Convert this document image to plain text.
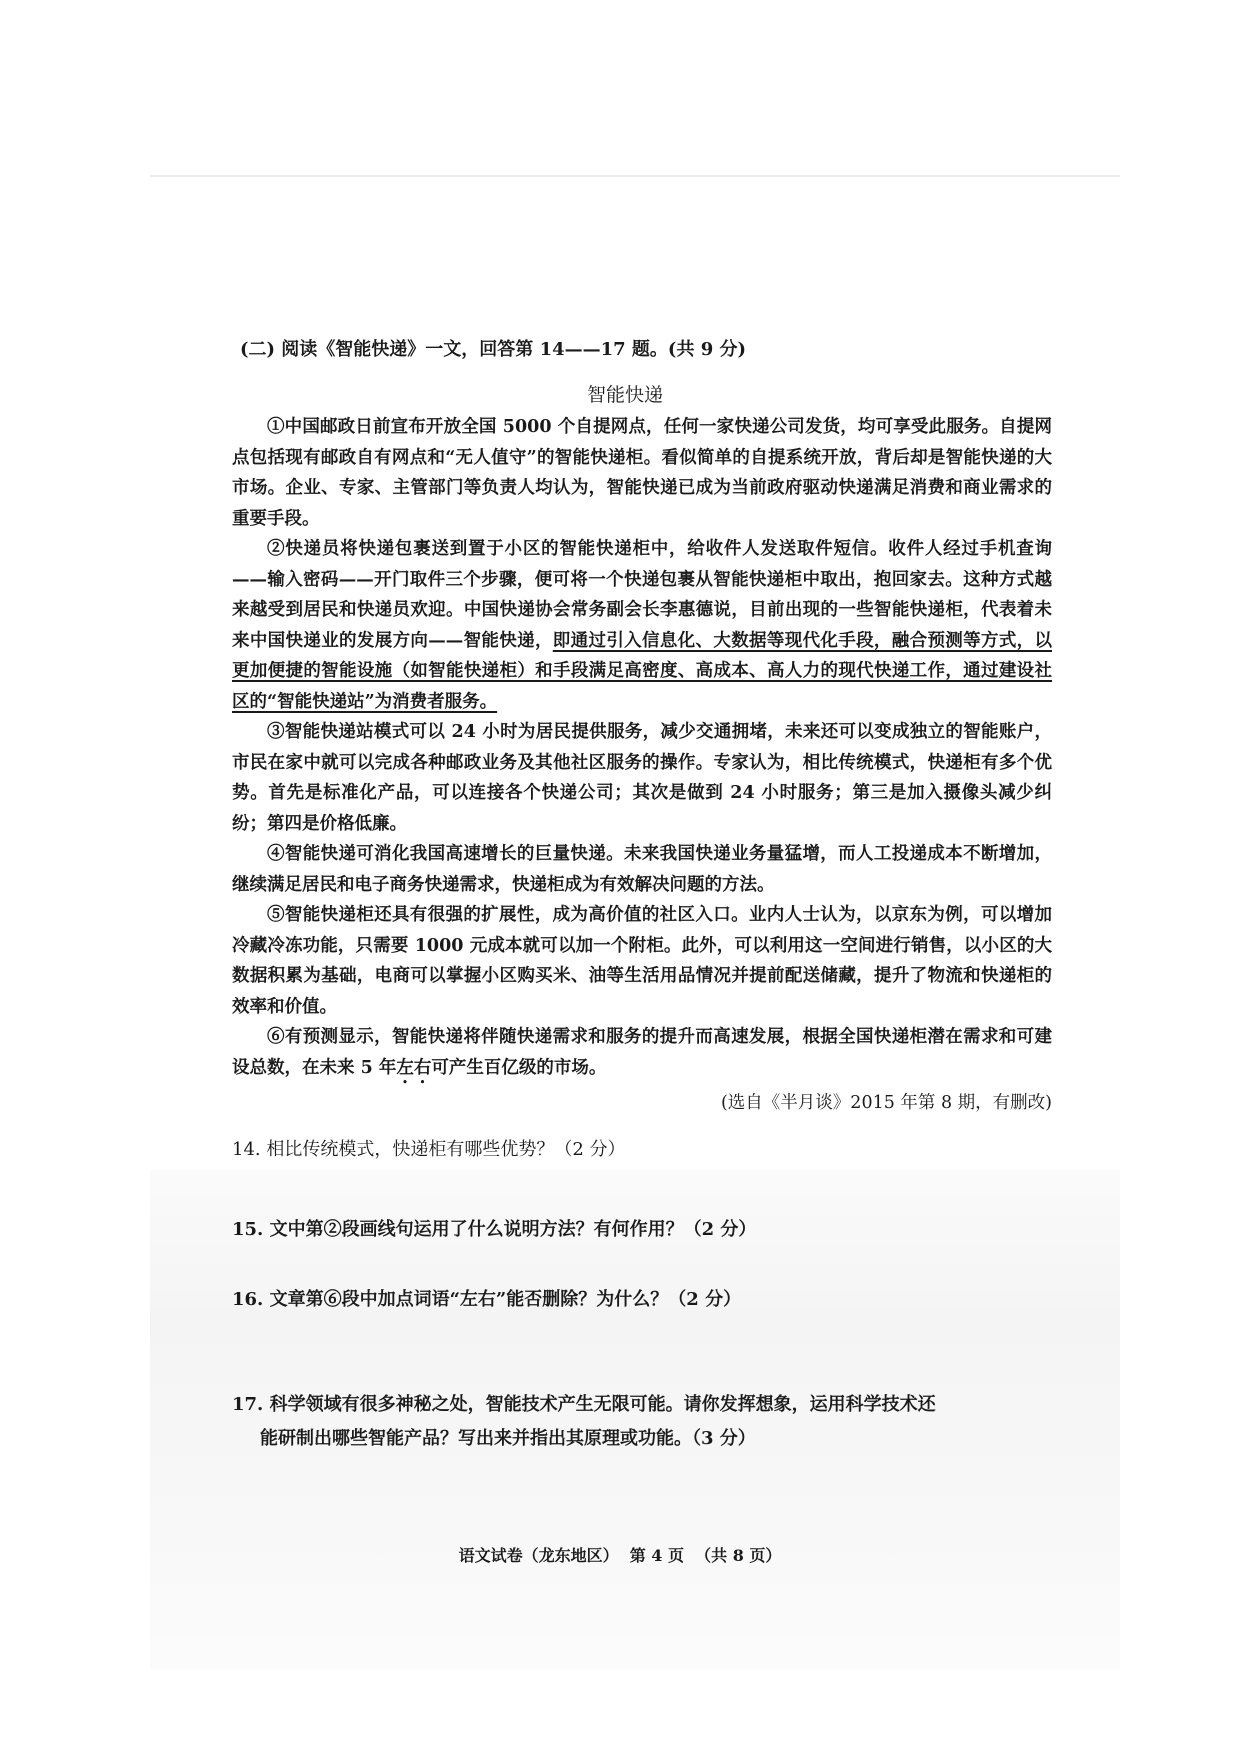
(二) 阅读《智能快递》一文，回答第 14——17 题。(共 9 分)
智能快递

①中国邮政日前宣布开放全国 5000 个自提网点，任何一家快递公司发货，均可享受此服务。自提网点包括现有邮政自有网点和“无人值守”的智能快递柜。看似简单的自提系统开放，背后却是智能快递的大市场。企业、专家、主管部门等负责人均认为，智能快递已成为当前政府驱动快递满足消费和商业需求的重要手段。

②快递员将快递包裹送到置于小区的智能快递柜中，给收件人发送取件短信。收件人经过手机查询——输入密码——开门取件三个步骤，便可将一个快递包裹从智能快递柜中取出，抱回家去。这种方式越来越受到居民和快递员欢迎。中国快递协会常务副会长李惠德说，目前出现的一些智能快递柜，代表着未来中国快递业的发展方向——智能快递，即通过引入信息化、大数据等现代化手段，融合预测等方式，以更加便捷的智能设施（如智能快递柜）和手段满足高密度、高成本、高人力的现代快递工作，通过建设社区的“智能快递站”为消费者服务。

③智能快递站模式可以 24 小时为居民提供服务，减少交通拥堵，未来还可以变成独立的智能账户，市民在家中就可以完成各种邮政业务及其他社区服务的操作。专家认为，相比传统模式，快递柜有多个优势。首先是标准化产品，可以连接各个快递公司；其次是做到 24 小时服务；第三是加入摄像头减少纠纷；第四是价格低廉。

④智能快递可消化我国高速增长的巨量快递。未来我国快递业务量猛增，而人工投递成本不断增加，继续满足居民和电子商务快递需求，快递柜成为有效解决问题的方法。

⑤智能快递柜还具有很强的扩展性，成为高价值的社区入口。业内人士认为，以京东为例，可以增加冷藏冷冻功能，只需要 1000 元成本就可以加一个附柜。此外，可以利用这一空间进行销售，以小区的大数据积累为基础，电商可以掌握小区购买米、油等生活用品情况并提前配送储藏，提升了物流和快递柜的效率和价值。

⑥有预测显示，智能快递将伴随快递需求和服务的提升而高速发展，根据全国快递柜潜在需求和可建设总数，在未来 5 年左右可产生百亿级的市场。

(选自《半月谈》2015 年第 8 期，有删改)

14. 相比传统模式，快递柜有哪些优势？（2 分）
15. 文中第②段画线句运用了什么说明方法？有何作用？（2 分）
16. 文章第⑥段中加点词语“左右”能否删除？为什么？（2 分）
17. 科学领域有很多神秘之处，智能技术产生无限可能。请你发挥想象，运用科学技术还
能研制出哪些智能产品？写出来并指出其原理或功能。（3 分）
语文试卷（龙东地区）  第 4 页  （共 8 页）
